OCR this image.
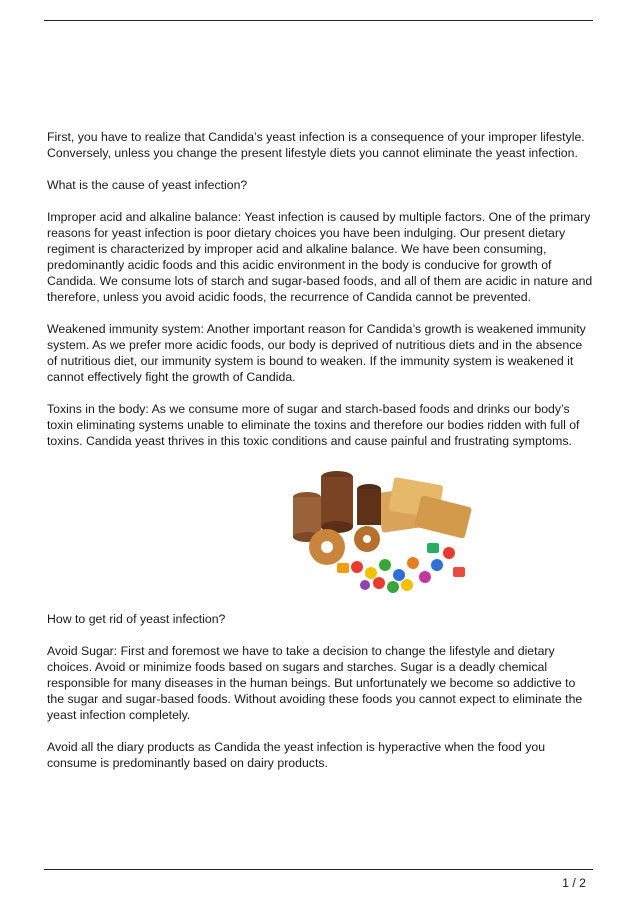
First, you have to realize that Candida’s yeast infection is a consequence of your improper lifestyle. Conversely, unless you change the present lifestyle diets you cannot eliminate the yeast infection.

What is the cause of yeast infection?

Improper acid and alkaline balance: Yeast infection is caused by multiple factors. One of the primary reasons for yeast infection is poor dietary choices you have been indulging. Our present dietary regiment is characterized by improper acid and alkaline balance. We have been consuming, predominantly acidic foods and this acidic environment in the body is conducive for growth of Candida. We consume lots of starch and sugar-based foods, and all of them are acidic in nature and therefore, unless you avoid acidic foods, the recurrence of Candida cannot be prevented.

Weakened immunity system: Another important reason for Candida’s growth is weakened immunity system. As we prefer more acidic foods, our body is deprived of nutritious diets and in the absence of nutritious diet, our immunity system is bound to weaken. If the immunity system is weakened it cannot effectively fight the growth of Candida.

Toxins in the body: As we consume more of sugar and starch-based foods and drinks our body’s toxin eliminating systems unable to eliminate the toxins and therefore our bodies ridden with full of toxins. Candida yeast thrives in this toxic conditions and cause painful and frustrating symptoms.

How to get rid of yeast infection?

Avoid Sugar: First and foremost we have to take a decision to change the lifestyle and dietary choices. Avoid or minimize foods based on sugars and starches. Sugar is a deadly chemical responsible for many diseases in the human beings. But unfortunately we become so addictive to the sugar and sugar-based foods. Without avoiding these foods you cannot expect to eliminate the yeast infection completely.

Avoid all the diary products as Candida the yeast infection is hyperactive when the food you consume is predominantly based on dairy products.

1 / 2
